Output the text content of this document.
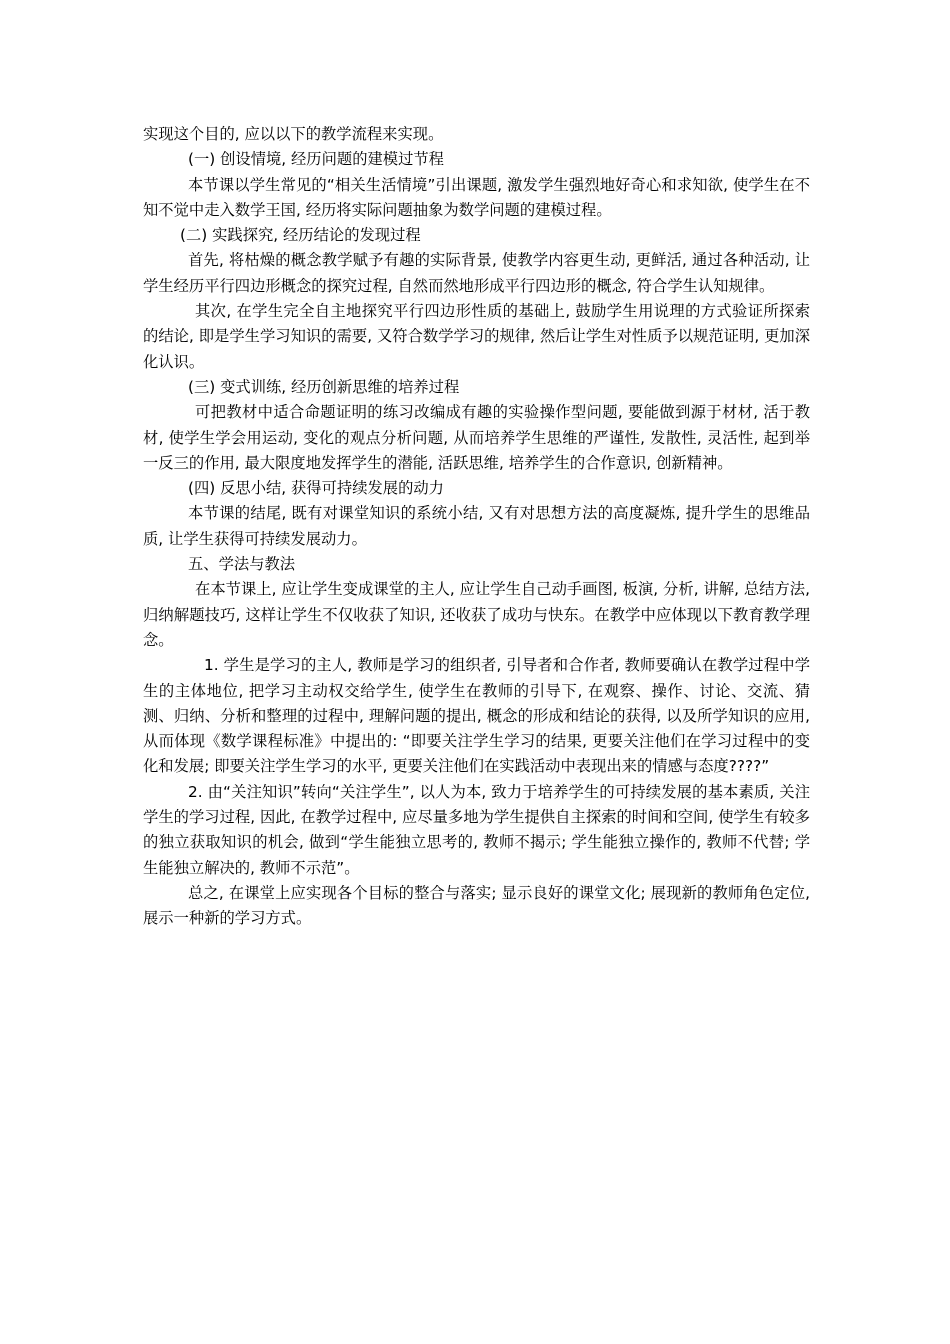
实现这个目的, 应以以下的教学流程来实现。

(一) 创设情境, 经历问题的建模过节程

本节课以学生常见的“相关生活情境”引出课题, 激发学生强烈地好奇心和求知欲, 使学生在不知不觉中走入数学王国, 经历将实际问题抽象为数学问题的建模过程。

(二) 实践探究, 经历结论的发现过程

首先, 将枯燥的概念教学赋予有趣的实际背景, 使教学内容更生动, 更鲜活, 通过各种活动, 让学生经历平行四边形概念的探究过程, 自然而然地形成平行四边形的概念, 符合学生认知规律。

其次, 在学生完全自主地探究平行四边形性质的基础上, 鼓励学生用说理的方式验证所探索的结论, 即是学生学习知识的需要, 又符合数学学习的规律, 然后让学生对性质予以规范证明, 更加深化认识。

(三) 变式训练, 经历创新思维的培养过程

可把教材中适合命题证明的练习改编成有趣的实验操作型问题, 要能做到源于材材, 活于教材, 使学生学会用运动, 变化的观点分析问题, 从而培养学生思维的严谨性, 发散性, 灵活性, 起到举一反三的作用, 最大限度地发挥学生的潜能, 活跃思维, 培养学生的合作意识, 创新精神。

(四) 反思小结, 获得可持续发展的动力

本节课的结尾, 既有对课堂知识的系统小结, 又有对思想方法的高度凝炼, 提升学生的思维品质, 让学生获得可持续发展动力。

五、学法与教法

在本节课上, 应让学生变成课堂的主人, 应让学生自己动手画图, 板演, 分析, 讲解, 总结方法, 归纳解题技巧, 这样让学生不仅收获了知识, 还收获了成功与快东。在教学中应体现以下教育教学理念。

1. 学生是学习的主人, 教师是学习的组织者, 引导者和合作者, 教师要确认在教学过程中学生的主体地位, 把学习主动权交给学生, 使学生在教师的引导下, 在观察、操作、讨论、交流、猜测、归纳、分析和整理的过程中, 理解问题的提出, 概念的形成和结论的获得, 以及所学知识的应用, 从而体现《数学课程标准》中提出的: “即要关注学生学习的结果, 更要关注他们在学习过程中的变化和发展; 即要关注学生学习的水平, 更要关注他们在实践活动中表现出来的情感与态度????”

2. 由“关注知识”转向“关注学生”, 以人为本, 致力于培养学生的可持续发展的基本素质, 关注学生的学习过程, 因此, 在教学过程中, 应尽量多地为学生提供自主探索的时间和空间, 使学生有较多的独立获取知识的机会, 做到“学生能独立思考的, 教师不揭示; 学生能独立操作的, 教师不代替; 学生能独立解决的, 教师不示范”。

总之, 在课堂上应实现各个目标的整合与落实; 显示良好的课堂文化; 展现新的教师角色定位, 展示一种新的学习方式。
